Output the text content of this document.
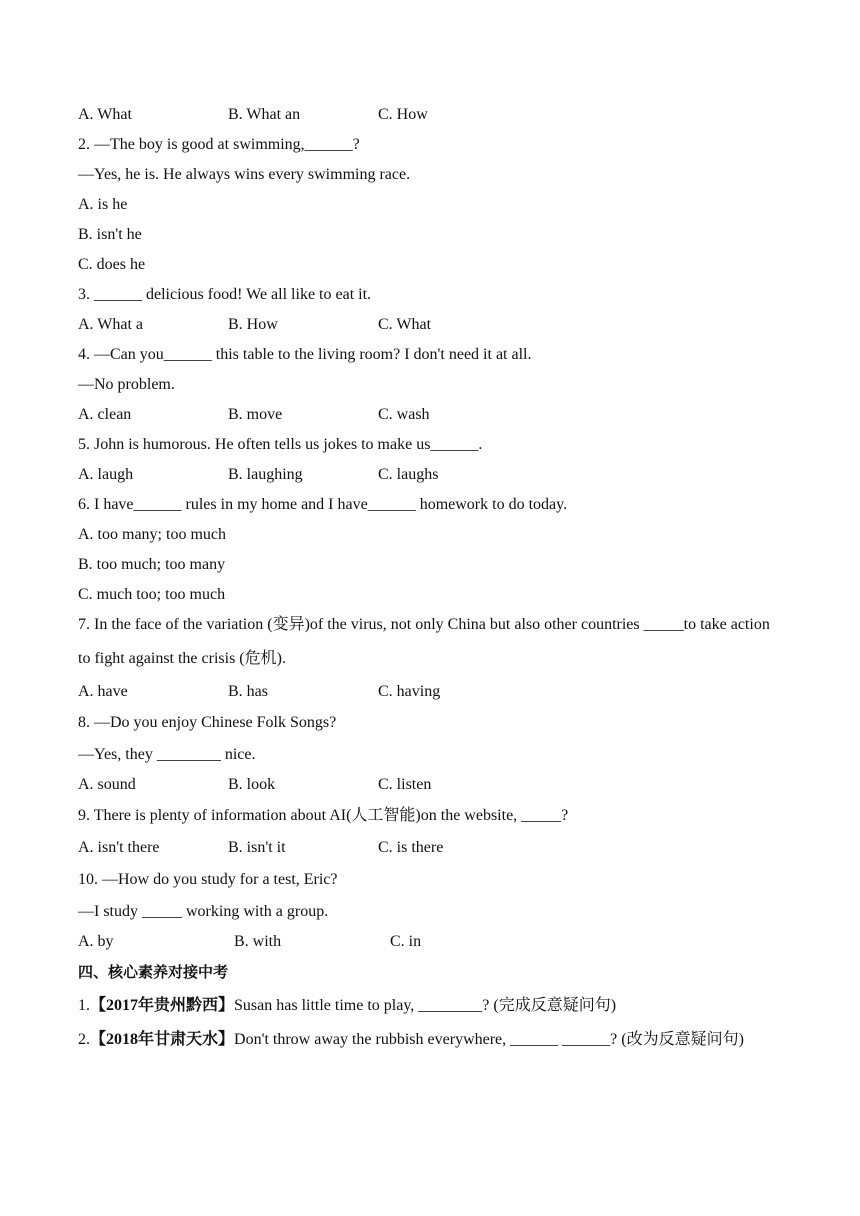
A. What	B. What an	C. How
2. —The boy is good at swimming,______?
—Yes, he is. He always wins every swimming race.
A. is he
B. isn't he
C. does he
3. ______ delicious food! We all like to eat it.
A. What a	B. How	C. What
4. —Can you______ this table to the living room? I don't need it at all.
—No problem.
A. clean	B. move	C. wash
5. John is humorous. He often tells us jokes to make us______.
A. laugh	B. laughing	C. laughs
6. I have______ rules in my home and I have______ homework to do today.
A. too many; too much
B. too much; too many
C. much too; too much
7. In the face of the variation (变异)of the virus, not only China but also other countries _____to take action to fight against the crisis (危机).
A. have	B. has	C. having
8. —Do you enjoy Chinese Folk Songs?
—Yes, they ________ nice.
A. sound	B. look	C. listen
9. There is plenty of information about AI(人工智能)on the website, _____?
A. isn't there	B. isn't it	C. is there
10. —How do you study for a test, Eric?
—I study _____ working with a group.
A. by	B. with	C. in
四、核心素养对接中考
1.【2017年贵州黔西】Susan has little time to play, ________? (完成反意疑问句)
2.【2018年甘肃天水】Don't throw away the rubbish everywhere, ______ ______? (改为反意疑问句)
